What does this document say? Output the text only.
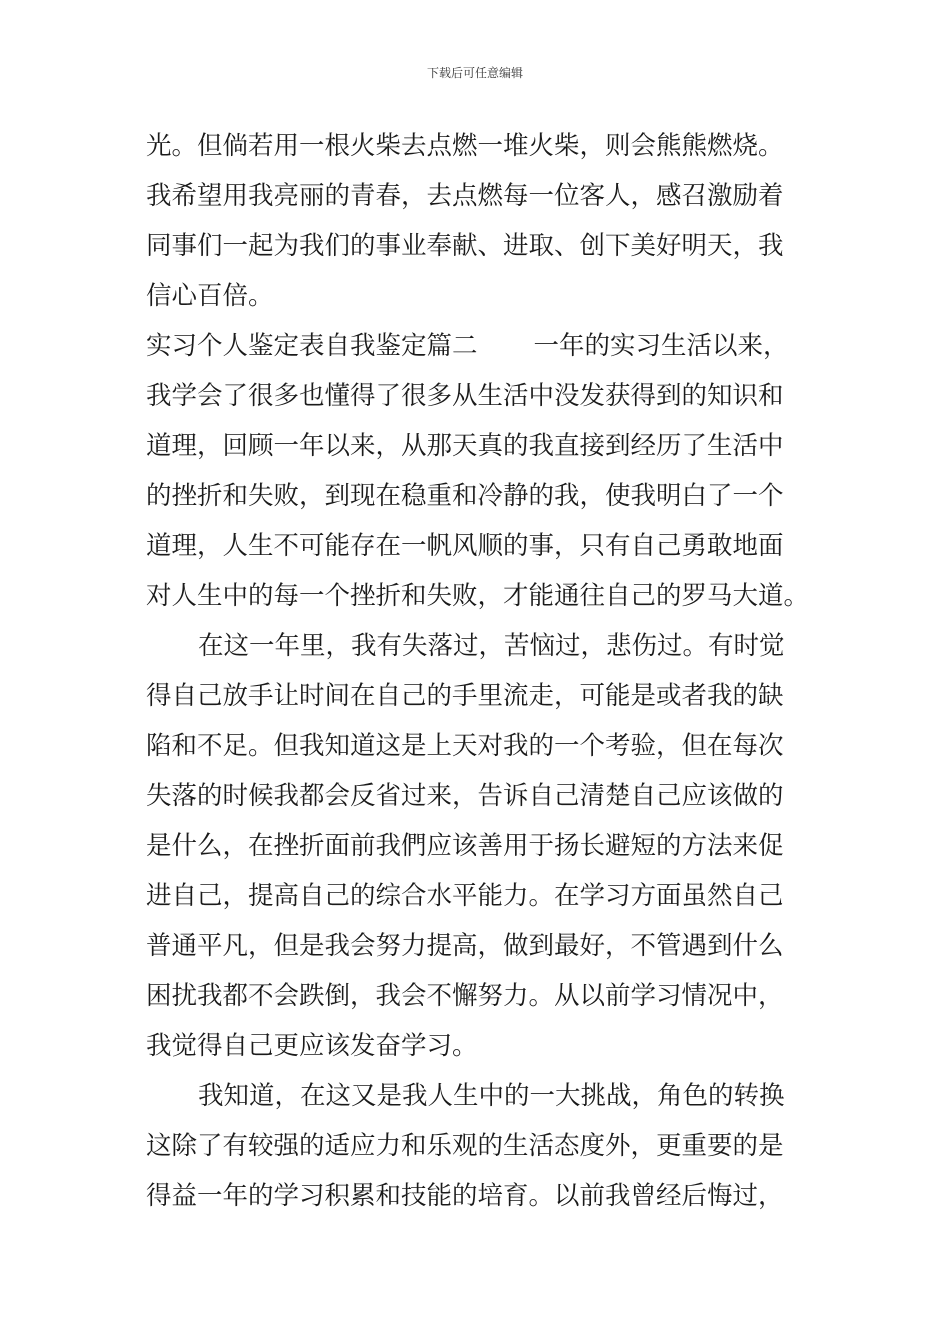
下载后可任意编辑
光。但倘若用一根火柴去点燃一堆火柴，则会熊熊燃烧。
我希望用我亮丽的青春，去点燃每一位客人，感召激励着
同事们一起为我们的事业奉献、进取、创下美好明天，我
信心百倍。
实习个人鉴定表自我鉴定篇二 一年的实习生活以来，
我学会了很多也懂得了很多从生活中没发获得到的知识和
道理，回顾一年以来，从那天真的我直接到经历了生活中
的挫折和失败，到现在稳重和冷静的我，使我明白了一个
道理，人生不可能存在一帆风顺的事，只有自己勇敢地面
对人生中的每一个挫折和失败，才能通往自己的罗马大道。
在这一年里，我有失落过，苦恼过，悲伤过。有时觉
得自己放手让时间在自己的手里流走，可能是或者我的缺
陷和不足。但我知道这是上天对我的一个考验，但在每次
失落的时候我都会反省过来，告诉自己清楚自己应该做的
是什么，在挫折面前我們应该善用于扬长避短的方法来促
进自己，提高自己的综合水平能力。在学习方面虽然自己
普通平凡，但是我会努力提高，做到最好，不管遇到什么
困扰我都不会跌倒，我会不懈努力。从以前学习情况中，
我觉得自己更应该发奋学习。
我知道，在这又是我人生中的一大挑战，角色的转换
这除了有较强的适应力和乐观的生活态度外，更重要的是
得益一年的学习积累和技能的培育。以前我曾经后悔过，
